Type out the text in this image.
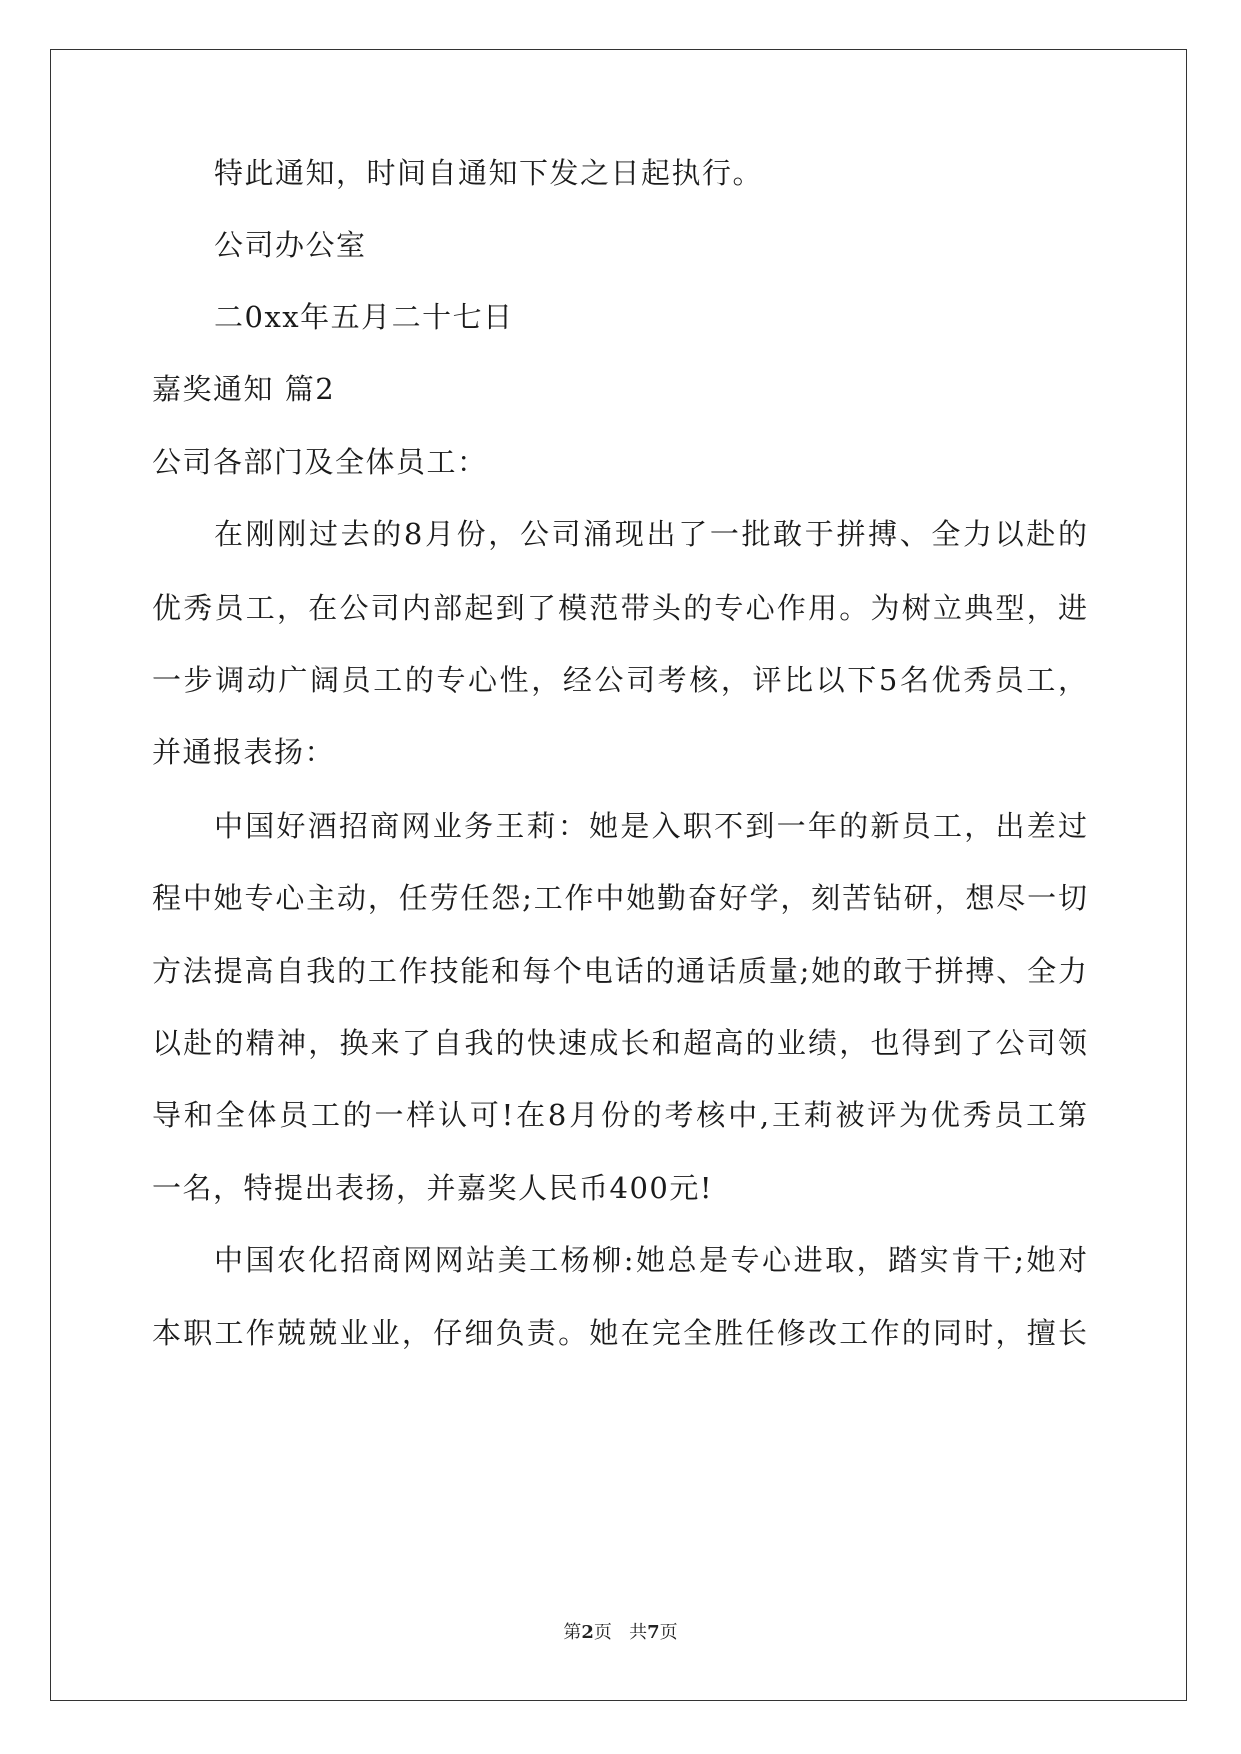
特此通知，时间自通知下发之日起执行。
公司办公室
二0xx年五月二十七日
嘉奖通知 篇2
公司各部门及全体员工：
在刚刚过去的8月份，公司涌现出了一批敢于拼搏、全力以赴的
优秀员工，在公司内部起到了模范带头的专心作用。为树立典型，进
一步调动广阔员工的专心性，经公司考核，评比以下5名优秀员工，
并通报表扬：
中国好酒招商网业务王莉：她是入职不到一年的新员工，出差过
程中她专心主动，任劳任怨;工作中她勤奋好学，刻苦钻研，想尽一切
方法提高自我的工作技能和每个电话的通话质量;她的敢于拼搏、全力
以赴的精神，换来了自我的快速成长和超高的业绩，也得到了公司领
导和全体员工的一样认可!在8月份的考核中,王莉被评为优秀员工第
一名，特提出表扬，并嘉奖人民币400元!
中国农化招商网网站美工杨柳:她总是专心进取，踏实肯干;她对
本职工作兢兢业业，仔细负责。她在完全胜任修改工作的同时，擅长
第2页 共7页
